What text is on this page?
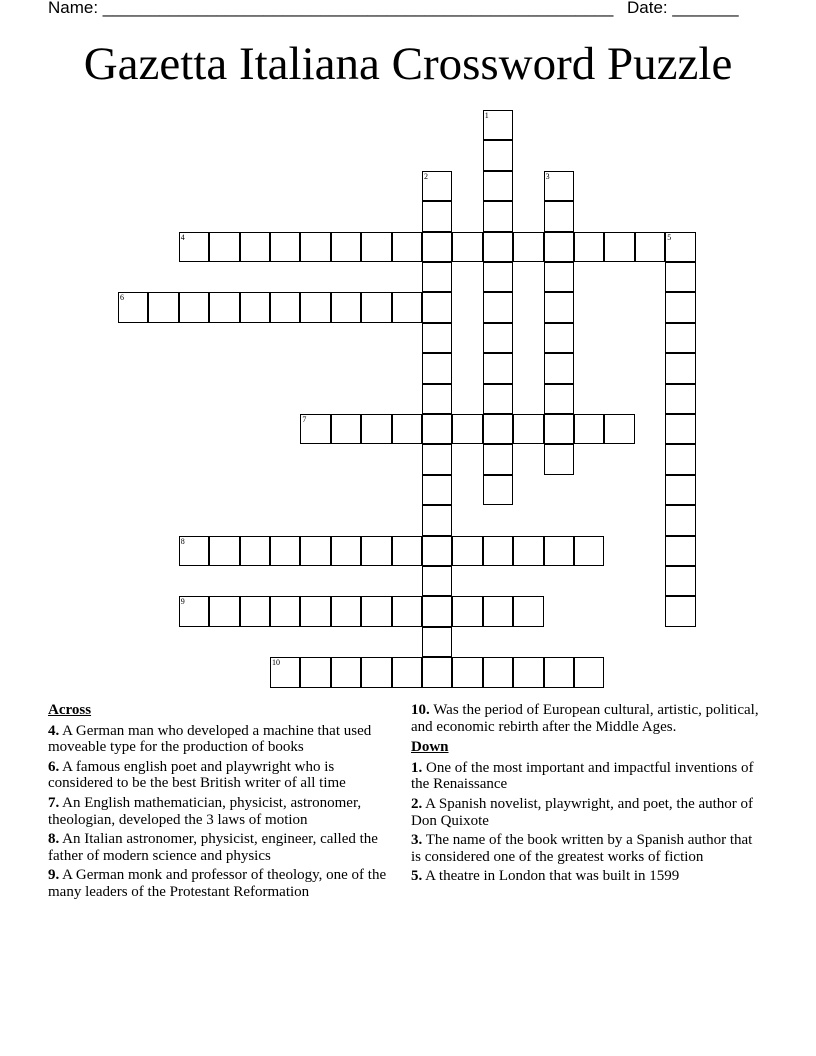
Name: ______________________________________________________ Date: _______
Gazetta Italiana Crossword Puzzle
1
2	3
4	5
6
7
8
9
10
Across
4. A German man who developed a machine that used moveable type for the production of books
6. A famous english poet and playwright who is considered to be the best British writer of all time
7. An English mathematician, physicist, astronomer, theologian, developed the 3 laws of motion
8. An Italian astronomer, physicist, engineer, called the father of modern science and physics
9. A German monk and professor of theology, one of the many leaders of the Protestant Reformation
10. Was the period of European cultural, artistic, political, and economic rebirth after the Middle Ages.
Down
1. One of the most important and impactful inventions of the Renaissance
2. A Spanish novelist, playwright, and poet, the author of Don Quixote
3. The name of the book written by a Spanish author that is considered one of the greatest works of fiction
5. A theatre in London that was built in 1599
